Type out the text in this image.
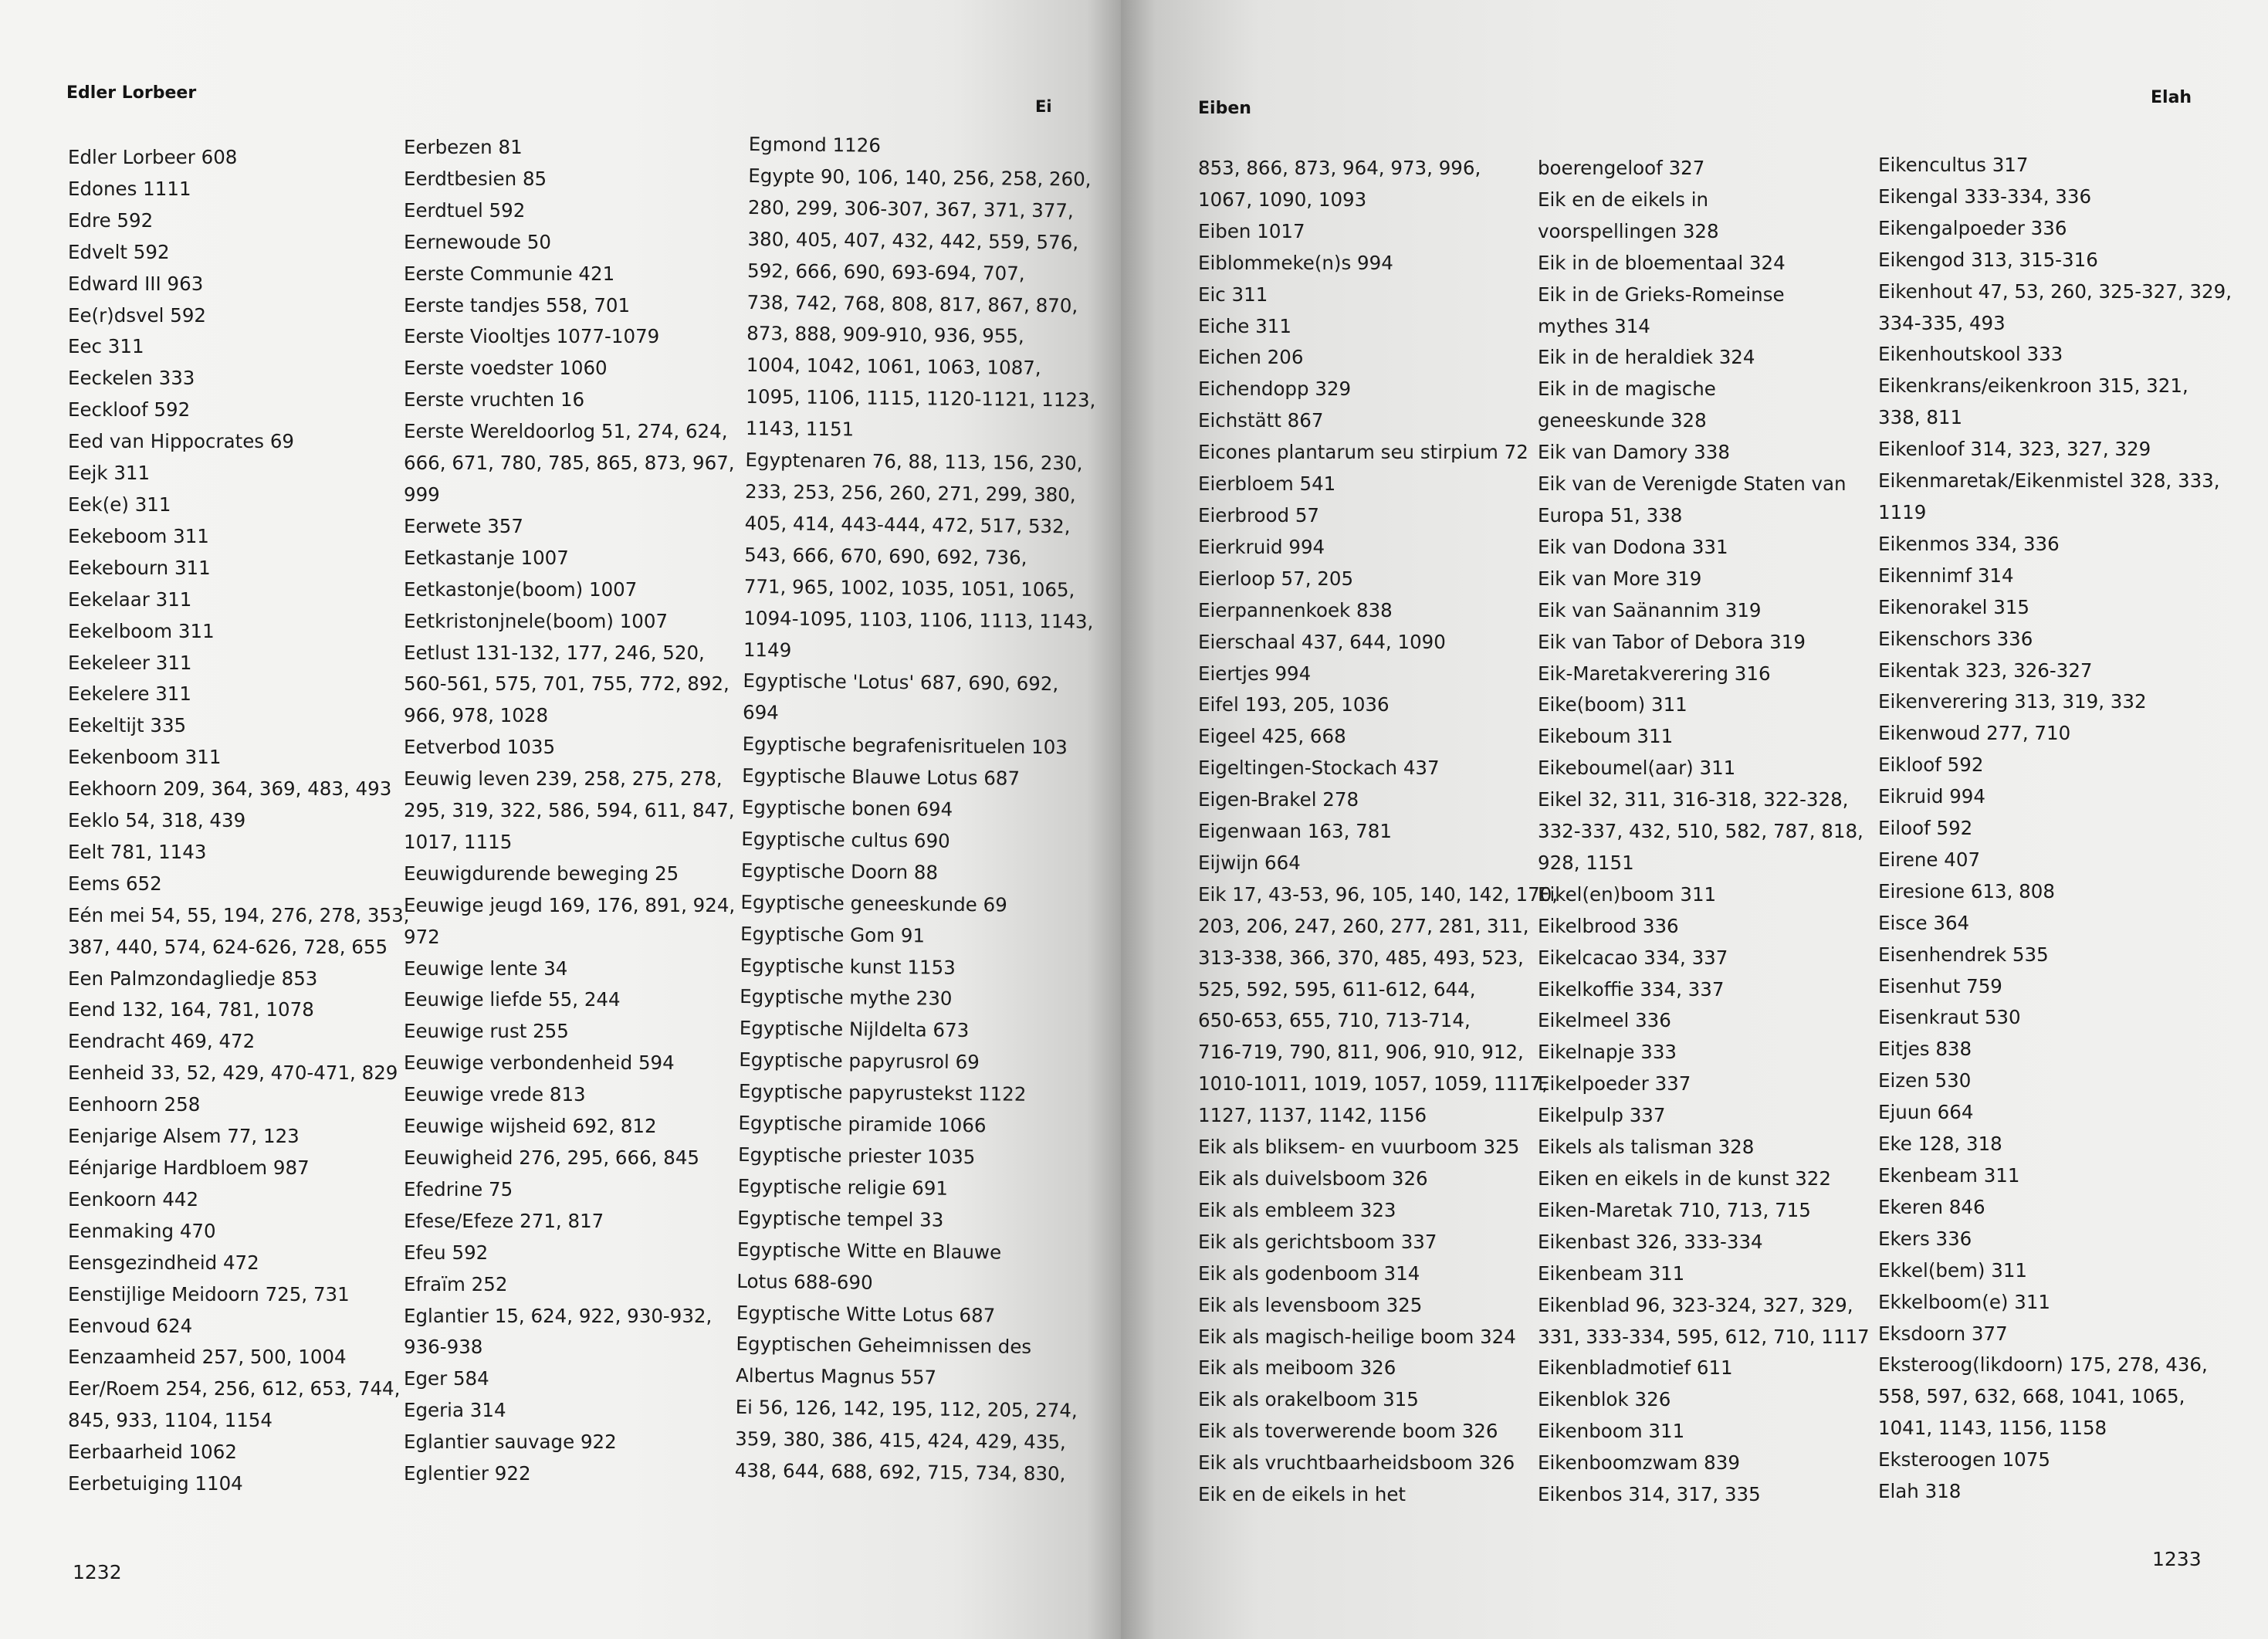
Edler Lorbeer
Ei
Edler Lorbeer 608
Edones 1111
Edre 592
Edvelt 592
Edward III 963
Ee(r)dsvel 592
Eec 311
Eeckelen 333
Eeckloof 592
Eed van Hippocrates 69
Eejk 311
Eek(e) 311
Eekeboom 311
Eekebourn 311
Eekelaar 311
Eekelboom 311
Eekeleer 311
Eekelere 311
Eekeltijt 335
Eekenboom 311
Eekhoorn 209, 364, 369, 483, 493
Eeklo 54, 318, 439
Eelt 781, 1143
Eems 652
Eén mei 54, 55, 194, 276, 278, 353,
387, 440, 574, 624-626, 728, 655
Een Palmzondagliedje 853
Eend 132, 164, 781, 1078
Eendracht 469, 472
Eenheid 33, 52, 429, 470-471, 829
Eenhoorn 258
Eenjarige Alsem 77, 123
Eénjarige Hardbloem 987
Eenkoorn 442
Eenmaking 470
Eensgezindheid 472
Eenstijlige Meidoorn 725, 731
Eenvoud 624
Eenzaamheid 257, 500, 1004
Eer/Roem 254, 256, 612, 653, 744,
845, 933, 1104, 1154
Eerbaarheid 1062
Eerbetuiging 1104
Eerbezen 81
Eerdtbesien 85
Eerdtuel 592
Eernewoude 50
Eerste Communie 421
Eerste tandjes 558, 701
Eerste Viooltjes 1077-1079
Eerste voedster 1060
Eerste vruchten 16
Eerste Wereldoorlog 51, 274, 624,
666, 671, 780, 785, 865, 873, 967,
999
Eerwete 357
Eetkastanje 1007
Eetkastonje(boom) 1007
Eetkristonjnele(boom) 1007
Eetlust 131-132, 177, 246, 520,
560-561, 575, 701, 755, 772, 892,
966, 978, 1028
Eetverbod 1035
Eeuwig leven 239, 258, 275, 278,
295, 319, 322, 586, 594, 611, 847,
1017, 1115
Eeuwigdurende beweging 25
Eeuwige jeugd 169, 176, 891, 924,
972
Eeuwige lente 34
Eeuwige liefde 55, 244
Eeuwige rust 255
Eeuwige verbondenheid 594
Eeuwige vrede 813
Eeuwige wijsheid 692, 812
Eeuwigheid 276, 295, 666, 845
Efedrine 75
Efese/Efeze 271, 817
Efeu 592
Efraïm 252
Eglantier 15, 624, 922, 930-932,
936-938
Eger 584
Egeria 314
Eglantier sauvage 922
Eglentier 922
Egmond 1126
Egypte 90, 106, 140, 256, 258, 260,
280, 299, 306-307, 367, 371, 377,
380, 405, 407, 432, 442, 559, 576,
592, 666, 690, 693-694, 707,
738, 742, 768, 808, 817, 867, 870,
873, 888, 909-910, 936, 955,
1004, 1042, 1061, 1063, 1087,
1095, 1106, 1115, 1120-1121, 1123,
1143, 1151
Egyptenaren 76, 88, 113, 156, 230,
233, 253, 256, 260, 271, 299, 380,
405, 414, 443-444, 472, 517, 532,
543, 666, 670, 690, 692, 736,
771, 965, 1002, 1035, 1051, 1065,
1094-1095, 1103, 1106, 1113, 1143,
1149
Egyptische 'Lotus' 687, 690, 692,
694
Egyptische begrafenisrituelen 103
Egyptische Blauwe Lotus 687
Egyptische bonen 694
Egyptische cultus 690
Egyptische Doorn 88
Egyptische geneeskunde 69
Egyptische Gom 91
Egyptische kunst 1153
Egyptische mythe 230
Egyptische Nijldelta 673
Egyptische papyrusrol 69
Egyptische papyrustekst 1122
Egyptische piramide 1066
Egyptische priester 1035
Egyptische religie 691
Egyptische tempel 33
Egyptische Witte en Blauwe
Lotus 688-690
Egyptische Witte Lotus 687
Egyptischen Geheimnissen des
Albertus Magnus 557
Ei 56, 126, 142, 195, 112, 205, 274,
359, 380, 386, 415, 424, 429, 435,
438, 644, 688, 692, 715, 734, 830,
1232
Eiben
Elah
853, 866, 873, 964, 973, 996,
1067, 1090, 1093
Eiben 1017
Eiblommeke(n)s 994
Eic 311
Eiche 311
Eichen 206
Eichendopp 329
Eichstätt 867
Eicones plantarum seu stirpium 72
Eierbloem 541
Eierbrood 57
Eierkruid 994
Eierloop 57, 205
Eierpannenkoek 838
Eierschaal 437, 644, 1090
Eiertjes 994
Eifel 193, 205, 1036
Eigeel 425, 668
Eigeltingen-Stockach 437
Eigen-Brakel 278
Eigenwaan 163, 781
Eijwijn 664
Eik 17, 43-53, 96, 105, 140, 142, 170,
203, 206, 247, 260, 277, 281, 311,
313-338, 366, 370, 485, 493, 523,
525, 592, 595, 611-612, 644,
650-653, 655, 710, 713-714,
716-719, 790, 811, 906, 910, 912,
1010-1011, 1019, 1057, 1059, 1117,
1127, 1137, 1142, 1156
Eik als bliksem- en vuurboom 325
Eik als duivelsboom 326
Eik als embleem 323
Eik als gerichtsboom 337
Eik als godenboom 314
Eik als levensboom 325
Eik als magisch-heilige boom 324
Eik als meiboom 326
Eik als orakelboom 315
Eik als toverwerende boom 326
Eik als vruchtbaarheidsboom 326
Eik en de eikels in het
boerengeloof 327
Eik en de eikels in
voorspellingen 328
Eik in de bloementaal 324
Eik in de Grieks-Romeinse
mythes 314
Eik in de heraldiek 324
Eik in de magische
geneeskunde 328
Eik van Damory 338
Eik van de Verenigde Staten van
Europa 51, 338
Eik van Dodona 331
Eik van More 319
Eik van Saänannim 319
Eik van Tabor of Debora 319
Eik-Maretakverering 316
Eike(boom) 311
Eikeboum 311
Eikeboumel(aar) 311
Eikel 32, 311, 316-318, 322-328,
332-337, 432, 510, 582, 787, 818,
928, 1151
Eikel(en)boom 311
Eikelbrood 336
Eikelcacao 334, 337
Eikelkoffie 334, 337
Eikelmeel 336
Eikelnapje 333
Eikelpoeder 337
Eikelpulp 337
Eikels als talisman 328
Eiken en eikels in de kunst 322
Eiken-Maretak 710, 713, 715
Eikenbast 326, 333-334
Eikenbeam 311
Eikenblad 96, 323-324, 327, 329,
331, 333-334, 595, 612, 710, 1117
Eikenbladmotief 611
Eikenblok 326
Eikenboom 311
Eikenboomzwam 839
Eikenbos 314, 317, 335
Eikencultus 317
Eikengal 333-334, 336
Eikengalpoeder 336
Eikengod 313, 315-316
Eikenhout 47, 53, 260, 325-327, 329,
334-335, 493
Eikenhoutskool 333
Eikenkrans/eikenkroon 315, 321,
338, 811
Eikenloof 314, 323, 327, 329
Eikenmaretak/Eikenmistel 328, 333,
1119
Eikenmos 334, 336
Eikennimf 314
Eikenorakel 315
Eikenschors 336
Eikentak 323, 326-327
Eikenverering 313, 319, 332
Eikenwoud 277, 710
Eikloof 592
Eikruid 994
Eiloof 592
Eirene 407
Eiresione 613, 808
Eisce 364
Eisenhendrek 535
Eisenhut 759
Eisenkraut 530
Eitjes 838
Eizen 530
Ejuun 664
Eke 128, 318
Ekenbeam 311
Ekeren 846
Ekers 336
Ekkel(bem) 311
Ekkelboom(e) 311
Eksdoorn 377
Eksteroog(likdoorn) 175, 278, 436,
558, 597, 632, 668, 1041, 1065,
1041, 1143, 1156, 1158
Eksteroogen 1075
Elah 318
1233
